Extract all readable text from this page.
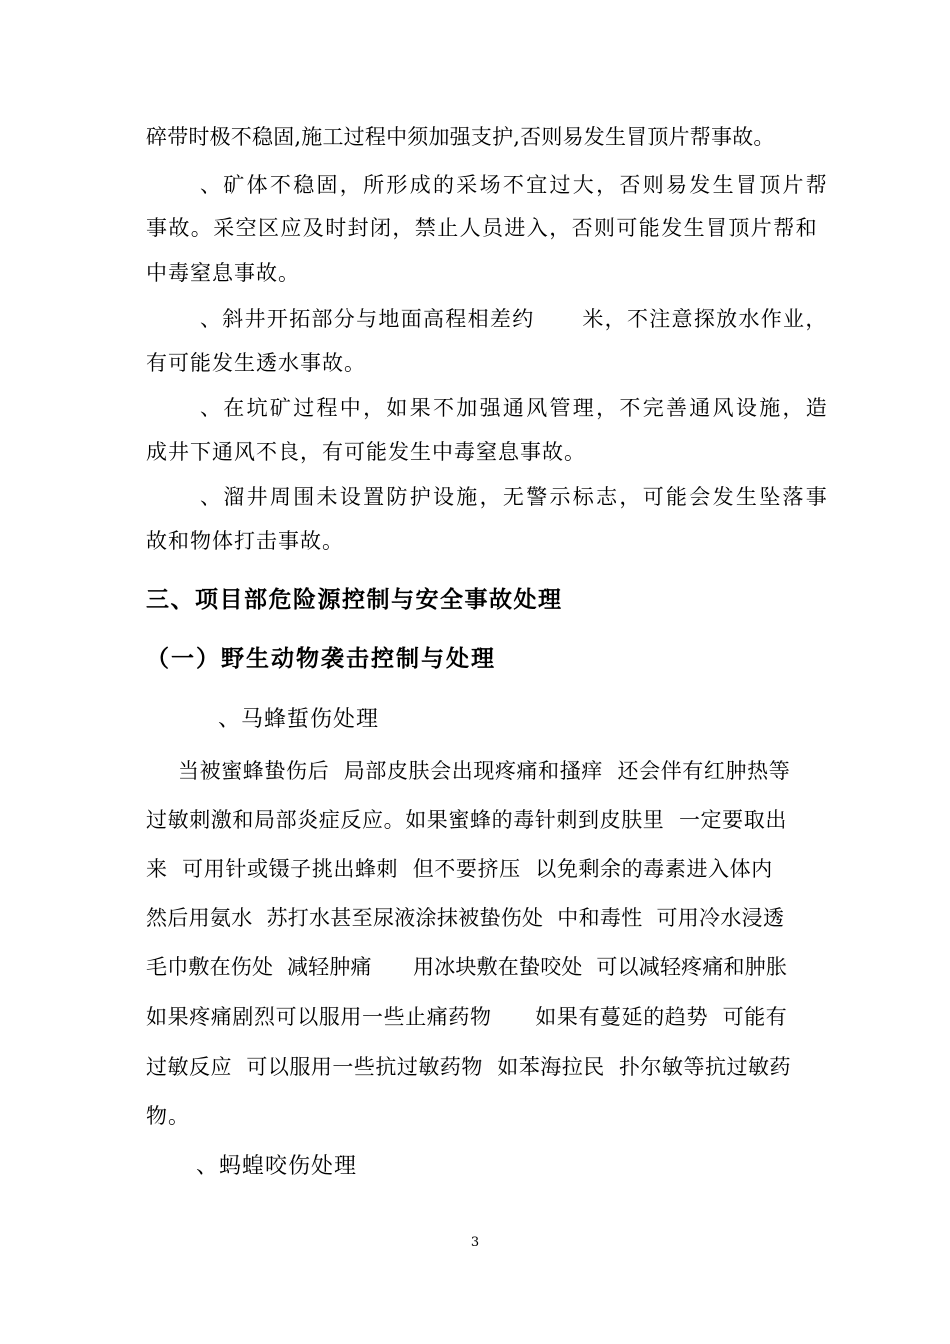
碎带时极不稳固,施工过程中须加强支护,否则易发生冒顶片帮事故。
、矿体不稳固，所形成的采场不宜过大，否则易发生冒顶片帮
事故。采空区应及时封闭，禁止人员进入，否则可能发生冒顶片帮和
中毒窒息事故。
、斜井开拓部分与地面高程相差约      米，不注意探放水作业，
有可能发生透水事故。
、在坑矿过程中，如果不加强通风管理，不完善通风设施，造
成井下通风不良，有可能发生中毒窒息事故。
、溜井周围未设置防护设施，无警示标志，可能会发生坠落事
故和物体打击事故。
三、项目部危险源控制与安全事故处理
（一）野生动物袭击控制与处理
、马蜂蜇伤处理
当被蜜蜂蛰伤后  局部皮肤会出现疼痛和搔痒  还会伴有红肿热等
过敏刺激和局部炎症反应。如果蜜蜂的毒针刺到皮肤里  一定要取出
来  可用针或镊子挑出蜂刺  但不要挤压  以免剩余的毒素进入体内
然后用氨水  苏打水甚至尿液涂抹被蛰伤处  中和毒性  可用冷水浸透
毛巾敷在伤处  减轻肿痛      用冰块敷在蛰咬处  可以减轻疼痛和肿胀
如果疼痛剧烈可以服用一些止痛药物      如果有蔓延的趋势  可能有
过敏反应  可以服用一些抗过敏药物  如苯海拉民  扑尔敏等抗过敏药
物。
、蚂蝗咬伤处理
3
